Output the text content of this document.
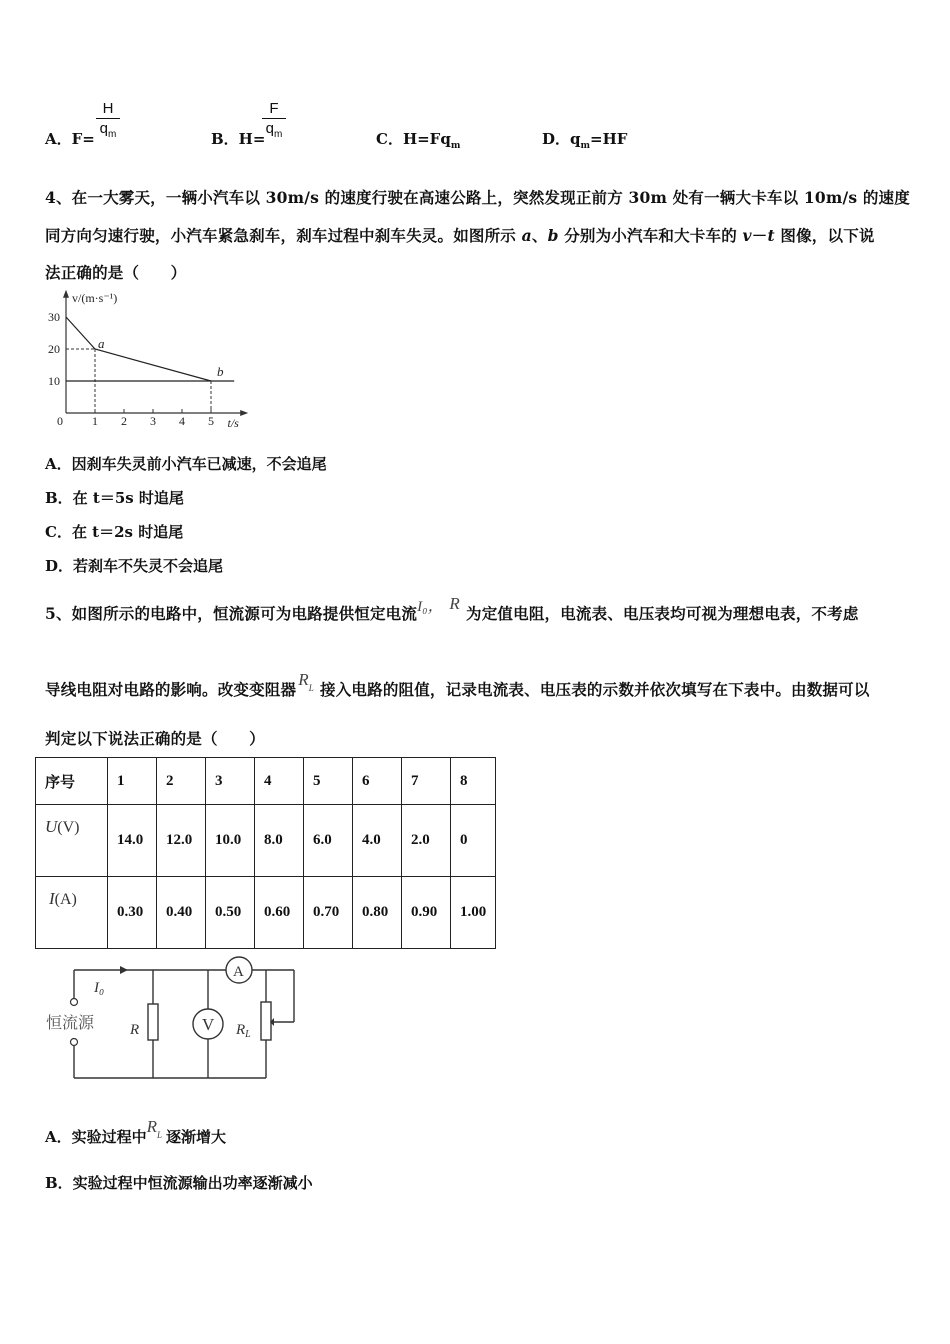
A．F=
H
$q_m$	B．H=
F
$q_m$	C．$H=Fq_m$	D．$q_m=HF$
4、在一大雾天，一辆小汽车以 30m/s 的速度行驶在高速公路上，突然发现正前方 30m 处有一辆大卡车以 10m/s 的速度
同方向匀速行驶，小汽车紧急刹车，刹车过程中刹车失灵。如图所示 a、b 分别为小汽车和大卡车的 v－t 图像，以下说
法正确的是（　　）
0 1 2 3 4 5
10
20
30
a
b
v/(m·s⁻¹)
t/s
A．因刹车失灵前小汽车已减速，不会追尾
B．在 t＝5s 时追尾
C．在 t＝2s 时追尾
D．若刹车不失灵不会追尾
5、如图所示的电路中，恒流源可为电路提供恒定电流I₀， R为定值电阻，电流表、电压表均可视为理想电表，不考虑
导线电阻对电路的影响。改变变阻器$R_L$ 接入电路的阻值，记录电流表、电压表的示数并依次填写在下表中。由数据可以
判定以下说法正确的是（　　）
序号	1	2	3	4	5	6	7	8
U(V)	14.0	12.0	10.0	8.0	6.0	4.0	2.0	0
I(A)	0.30	0.40	0.50	0.60	0.70	0.80	0.90	1.00
I₀
恒流源 R	V
A
$R_L$
A．实验过程中$R_L$ 逐渐增大
B．实验过程中恒流源输出功率逐渐减小
